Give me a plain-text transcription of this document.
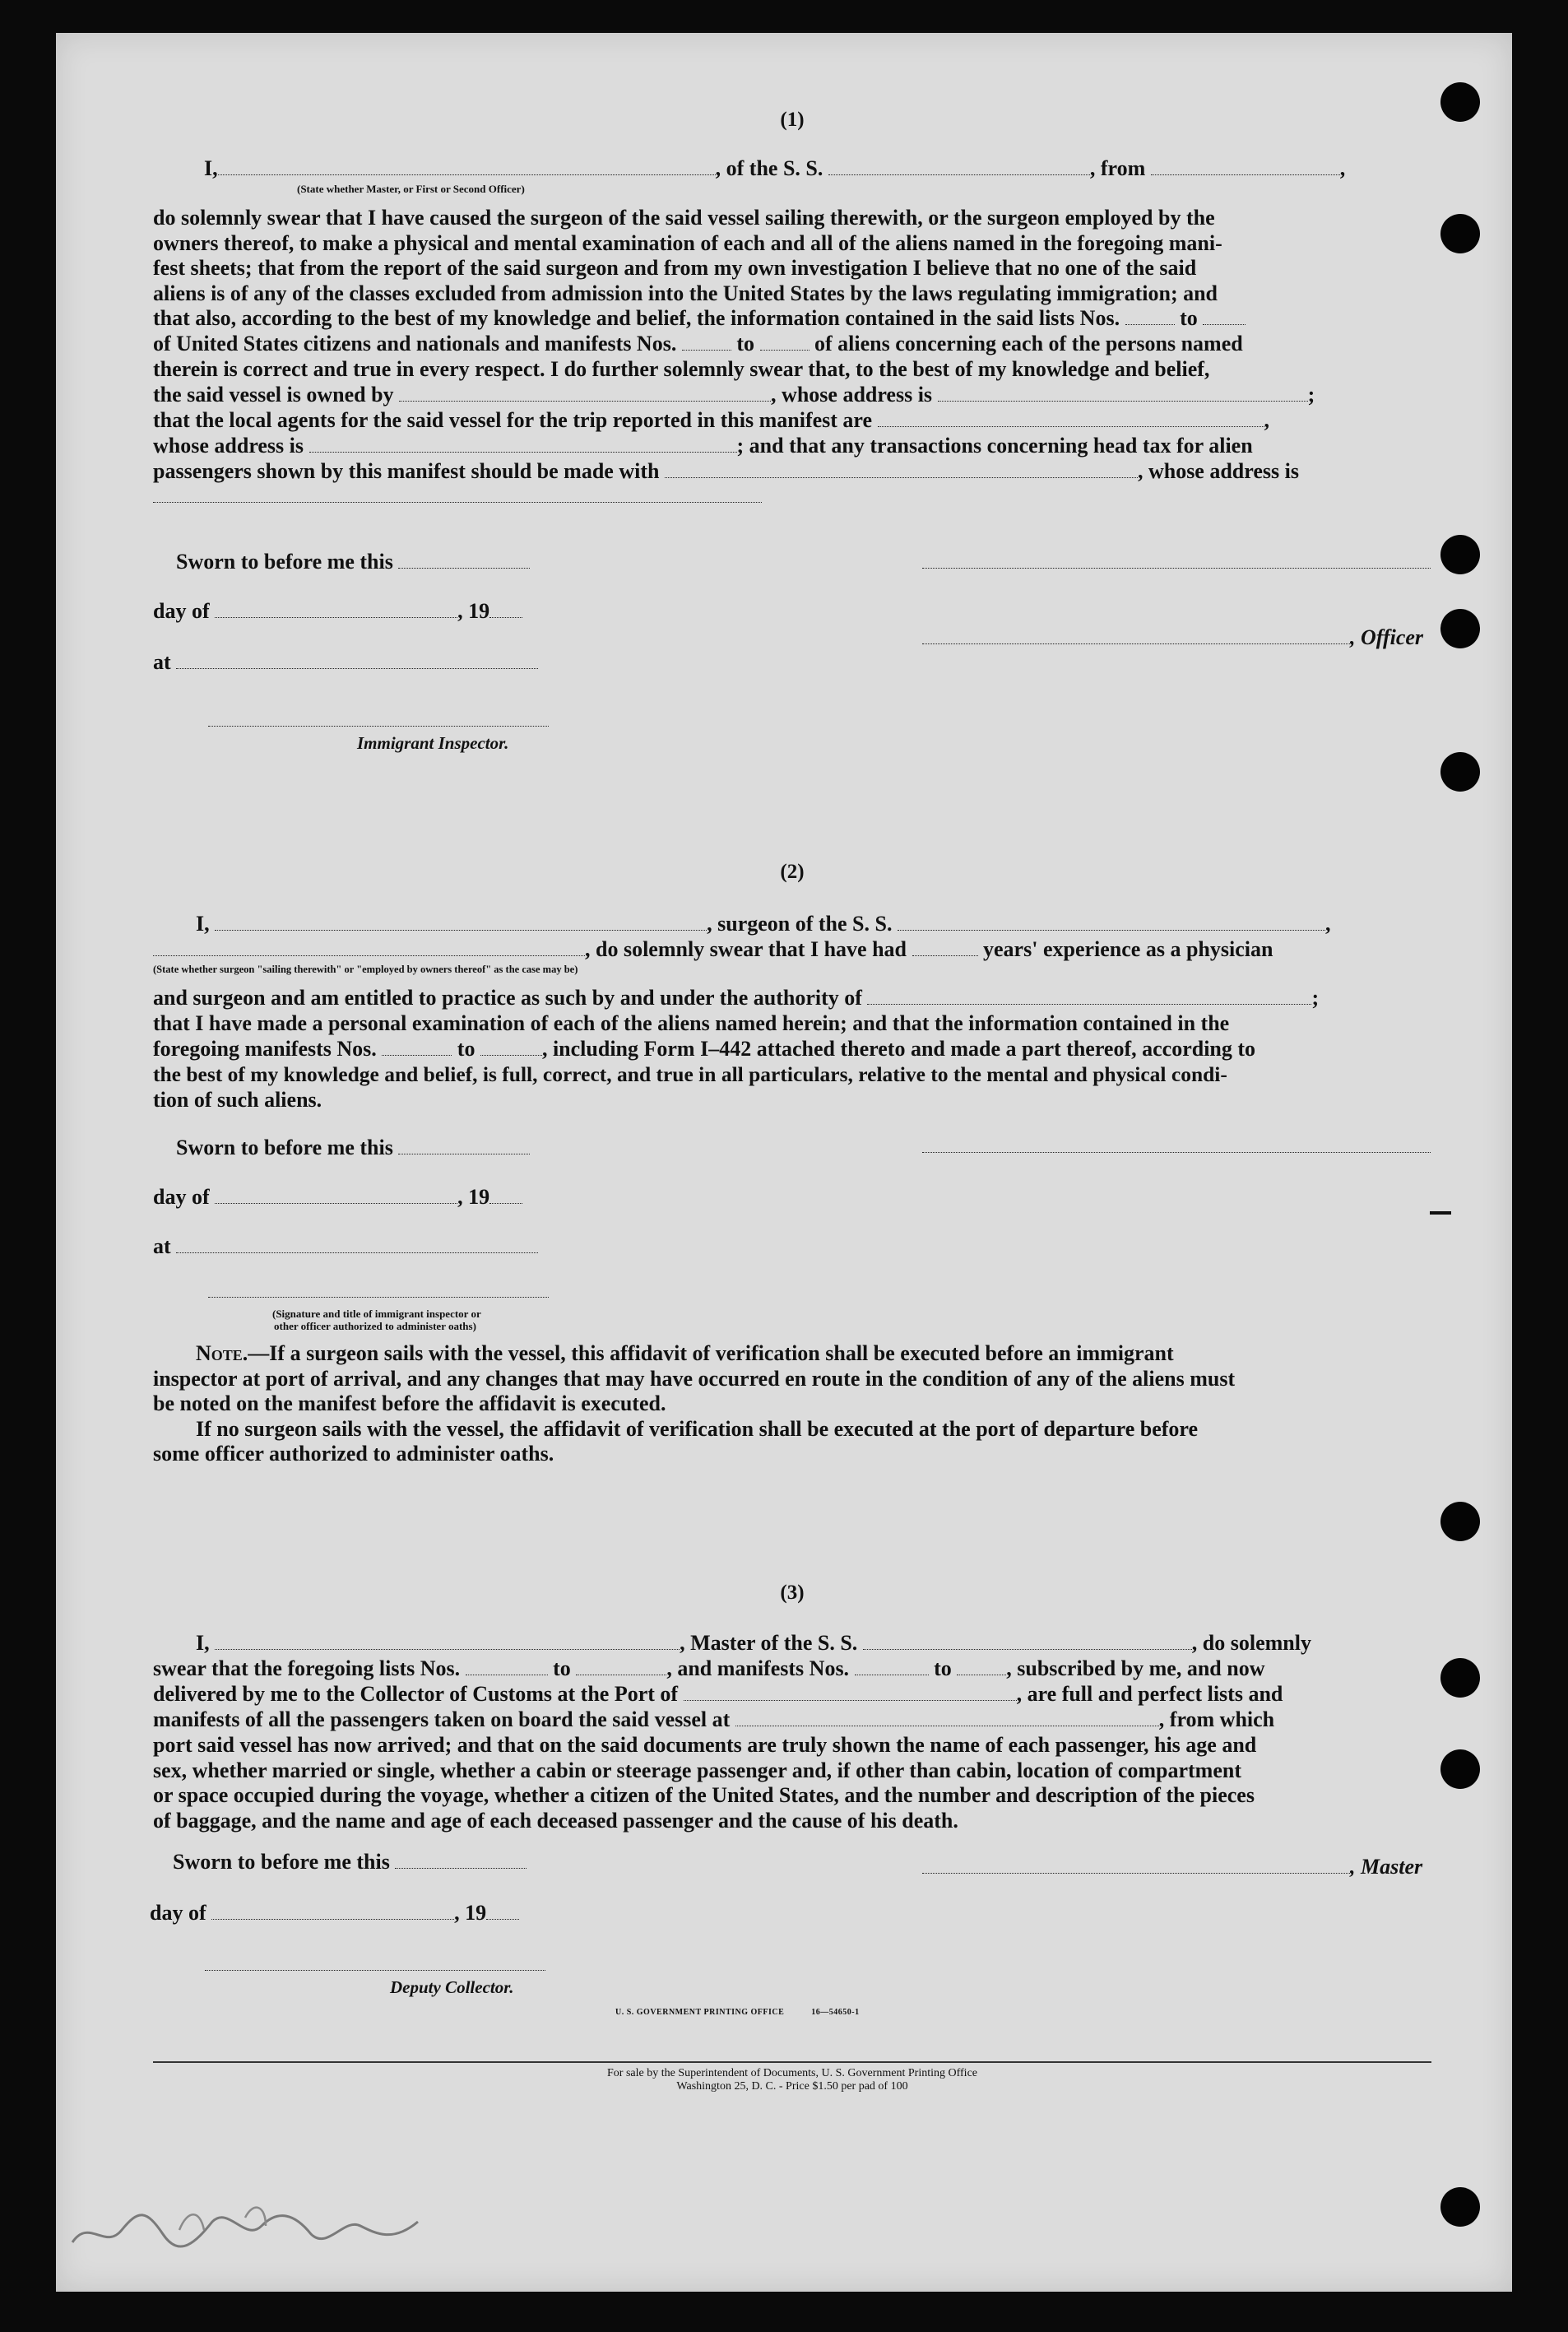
(1)
I,	, of the S. S.	, from	,
(State whether Master, or First or Second Officer)
do solemnly swear that I have caused the surgeon of the said vessel sailing therewith, or the surgeon employed by the
owners thereof, to make a physical and mental examination of each and all of the aliens named in the foregoing mani-
fest sheets; that from the report of the said surgeon and from my own investigation I believe that no one of the said
aliens is of any of the classes excluded from admission into the United States by the laws regulating immigration; and
that also, according to the best of my knowledge and belief, the information contained in the said lists Nos.	to
of United States citizens and nationals and manifests Nos.	to	of aliens concerning each of the persons named
therein is correct and true in every respect. I do further solemnly swear that, to the best of my knowledge and belief,
the said vessel is owned by	, whose address is	;
that the local agents for the said vessel for the trip reported in this manifest are	,
whose address is	; and that any transactions concerning head tax for alien
passengers shown by this manifest should be made with	, whose address is
Sworn to before me this
day of	, 19
, Officer
at
Immigrant Inspector.
(2)
I,	, surgeon of the S. S.	,
, do solemnly swear that I have had	years' experience as a physician
(State whether surgeon "sailing therewith" or "employed by owners thereof" as the case may be)
and surgeon and am entitled to practice as such by and under the authority of	;
that I have made a personal examination of each of the aliens named herein; and that the information contained in the
foregoing manifests Nos.	to	, including Form I–442 attached thereto and made a part thereof, according to
the best of my knowledge and belief, is full, correct, and true in all particulars, relative to the mental and physical condi-
tion of such aliens.
Sworn to before me this
day of	, 19
at
(Signature and title of immigrant inspector or
other officer authorized to administer oaths)
Note.—If a surgeon sails with the vessel, this affidavit of verification shall be executed before an immigrant
inspector at port of arrival, and any changes that may have occurred en route in the condition of any of the aliens must
be noted on the manifest before the affidavit is executed.
If no surgeon sails with the vessel, the affidavit of verification shall be executed at the port of departure before
some officer authorized to administer oaths.
(3)
I,	, Master of the S. S.	, do solemnly
swear that the foregoing lists Nos.	to	, and manifests Nos.	to	, subscribed by me, and now
delivered by me to the Collector of Customs at the Port of	, are full and perfect lists and
manifests of all the passengers taken on board the said vessel at	, from which
port said vessel has now arrived; and that on the said documents are truly shown the name of each passenger, his age and
sex, whether married or single, whether a cabin or steerage passenger and, if other than cabin, location of compartment
or space occupied during the voyage, whether a citizen of the United States, and the number and description of the pieces
of baggage, and the name and age of each deceased passenger and the cause of his death.
Sworn to before me this	, Master
day of	, 19
Deputy Collector.
U. S. GOVERNMENT PRINTING OFFICE	16—54650-1
For sale by the Superintendent of Documents, U. S. Government Printing Office
Washington 25, D. C. - Price $1.50 per pad of 100
